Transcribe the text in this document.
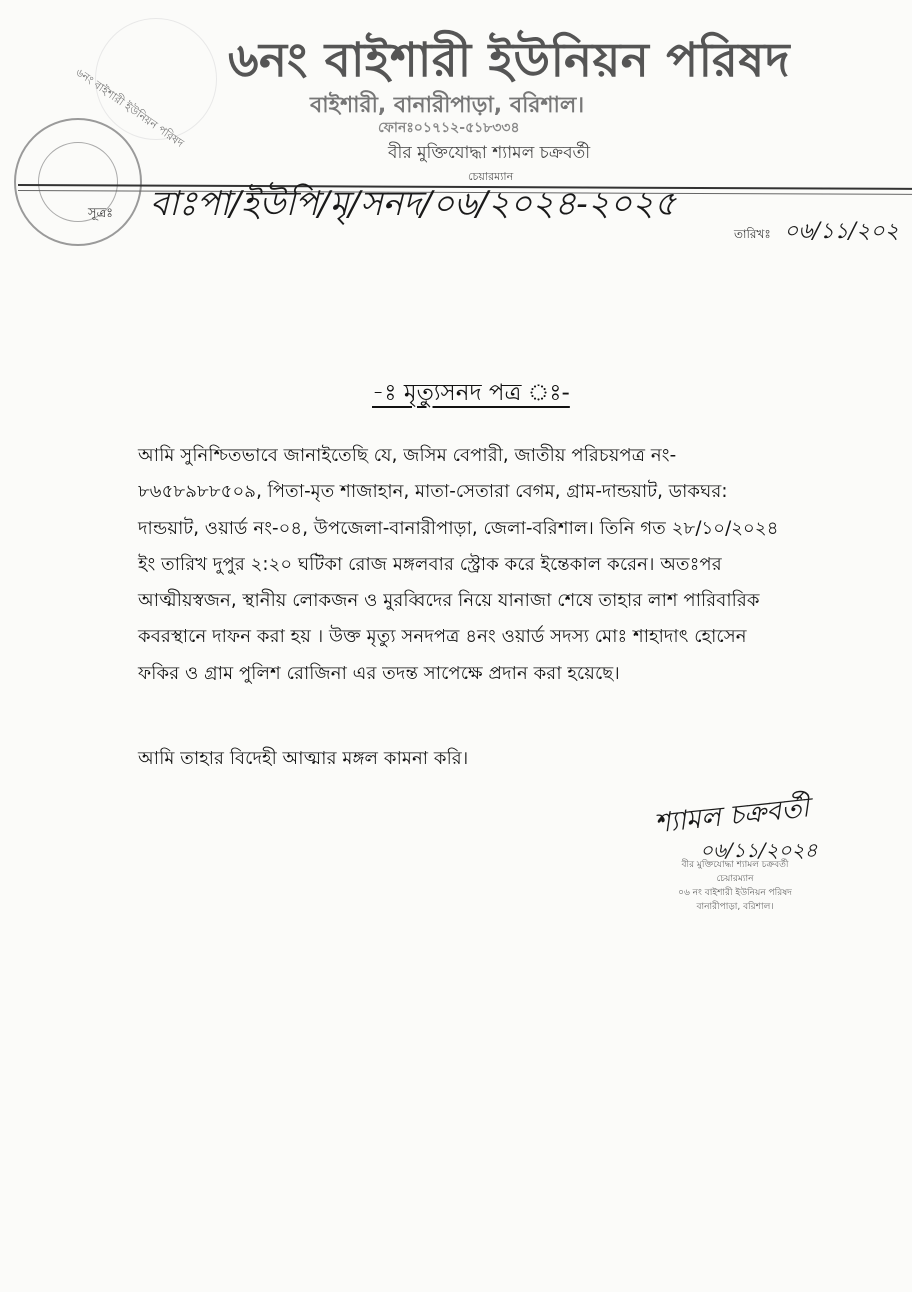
৬নং বাইশারী ইউনিয়ন পরিষদ
৬নং বাইশারী ইউনিয়ন পরিষদ
বাইশারী, বানারীপাড়া, বরিশাল।
ফোনঃ০১৭১২-৫১৮৩৩৪
বীর মুক্তিযোদ্ধা শ্যামল চক্রবর্তী
চেয়ারম্যান
সূত্রঃ বাঃপা/ইউপি/মৃ/সনদ/০৬/২০২৪-২০২৫
তারিখঃ ০৬/১১/২০২
-ঃ মৃত্যুসনদ পত্র ঃ-
আমি সুনিশ্চিতভাবে জানাইতেছি যে, জসিম বেপারী, জাতীয় পরিচয়পত্র নং-
৮৬৫৮৯৮৮৫০৯, পিতা-মৃত শাজাহান, মাতা-সেতারা বেগম, গ্রাম-দান্ডয়াট, ডাকঘর:
দান্ডয়াট, ওয়ার্ড নং-০৪, উপজেলা-বানারীপাড়া, জেলা-বরিশাল। তিনি গত ২৮/১০/২০২৪
ইং তারিখ দুপুর ২:২০ ঘটিকা রোজ মঙ্গলবার স্ট্রোক করে ইন্তেকাল করেন। অতঃপর
আত্মীয়স্বজন, স্থানীয় লোকজন ও মুরব্বিদের নিয়ে যানাজা শেষে তাহার লাশ পারিবারিক
কবরস্থানে দাফন করা হয় । উক্ত মৃত্যু সনদপত্র ৪নং ওয়ার্ড সদস্য মোঃ শাহাদাৎ হোসেন
ফকির ও গ্রাম পুলিশ রোজিনা এর তদন্ত সাপেক্ষে প্রদান করা হয়েছে।
আমি তাহার বিদেহী আত্মার মঙ্গল কামনা করি।
শ্যামল চক্রবর্তী
০৬/১১/২০২৪
বীর মুক্তিযোদ্ধা শ্যামল চক্রবর্তী
চেয়ারম্যান
০৬ নং বাইশারী ইউনিয়ন পরিষদ
বানারীপাড়া, বরিশাল।
